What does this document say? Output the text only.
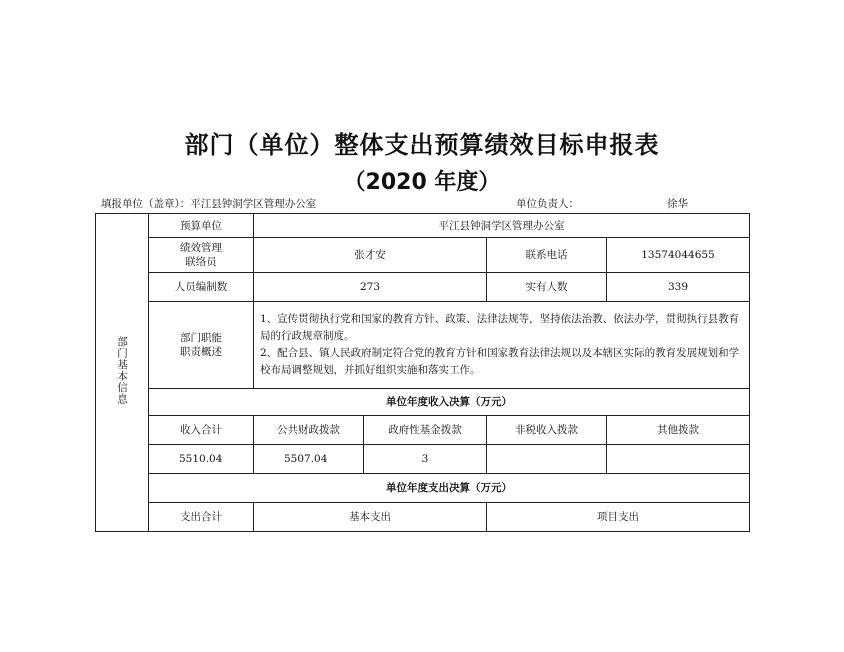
部门（单位）整体支出预算绩效目标申报表
（2020 年度）
填报单位（盖章）：平江县钟洞学区管理办公室	单位负责人：	徐华
部门基本信息	预算单位	平江县钟洞学区管理办公室			
	绩效管理
联络员	张才安		联系电话	13574044655
	人员编制数	273		实有人数	339
	部门职能
职责概述	1、宣传贯彻执行党和国家的教育方针、政策、法律法规等，坚持依法治教、依法办学，贯彻执行县教育局的行政规章制度。
2、配合县、镇人民政府制定符合党的教育方针和国家教育法律法规以及本辖区实际的教育发展规划和学校布局调整规划，并抓好组织实施和落实工作。			
	单位年度收入决算（万元）				
	收入合计	公共财政拨款	政府性基金拨款	非税收入拨款	其他拨款
	5510.04	5507.04	3		
	单位年度支出决算（万元）				
	支出合计	基本支出		项目支出	
